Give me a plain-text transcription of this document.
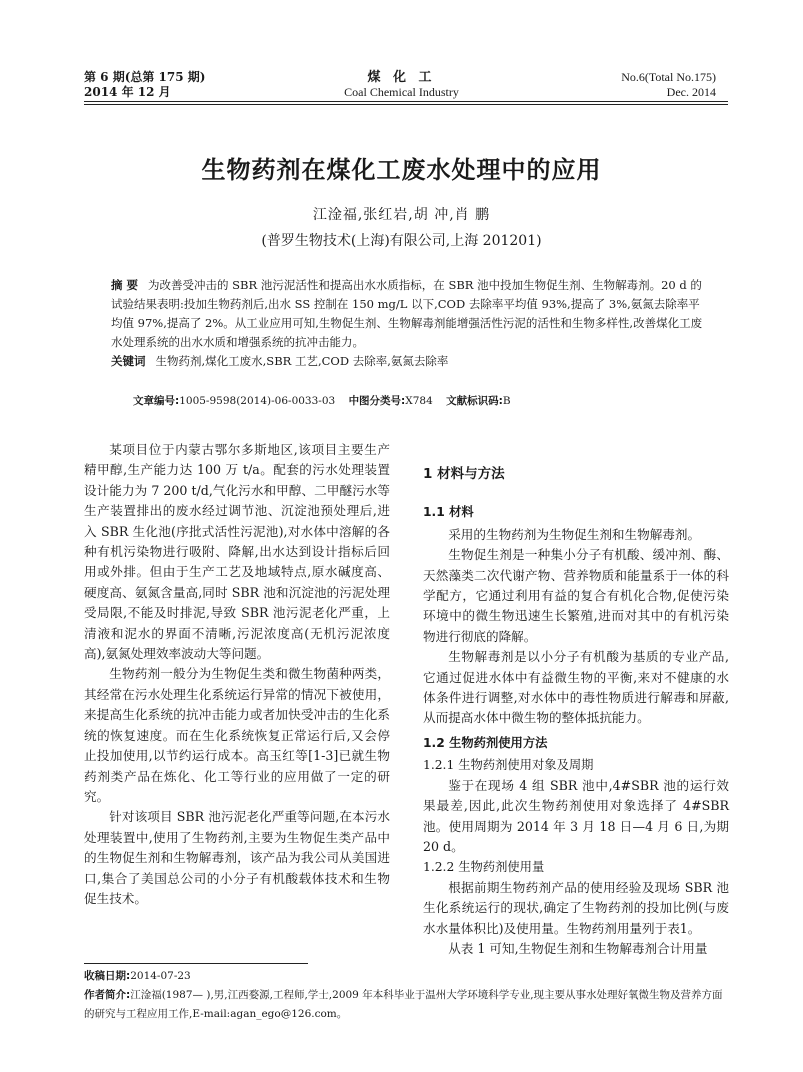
第 6 期(总第 175 期)
2014 年 12 月
煤 化 工
Coal Chemical Industry
No.6(Total No.175)
Dec. 2014
生物药剂在煤化工废水处理中的应用
江淦福,张红岩,胡 冲,肖 鹏
(普罗生物技术(上海)有限公司,上海 201201)

摘 要 为改善受冲击的 SBR 池污泥活性和提高出水水质指标，在 SBR 池中投加生物促生剂、生物解毒剂。20 d 的试验结果表明:投加生物药剂后,出水 SS 控制在 150 mg/L 以下,COD 去除率平均值 93%,提高了 3%,氨氮去除率平均值 97%,提高了 2%。从工业应用可知,生物促生剂、生物解毒剂能增强活性污泥的活性和生物多样性,改善煤化工废水处理系统的出水水质和增强系统的抗冲击能力。

关键词 生物药剂,煤化工废水,SBR 工艺,COD 去除率,氨氮去除率

文章编号:1005-9598(2014)-06-0033-03 中图分类号:X784 文献标识码:B

某项目位于内蒙古鄂尔多斯地区,该项目主要生产精甲醇,生产能力达 100 万 t/a。配套的污水处理装置设计能力为 7 200 t/d,气化污水和甲醇、二甲醚污水等生产装置排出的废水经过调节池、沉淀池预处理后,进入 SBR 生化池(序批式活性污泥池),对水体中溶解的各种有机污染物进行吸附、降解,出水达到设计指标后回用或外排。但由于生产工艺及地域特点,原水碱度高、硬度高、氨氮含量高,同时 SBR 池和沉淀池的污泥处理受局限,不能及时排泥,导致 SBR 池污泥老化严重，上清液和泥水的界面不清晰,污泥浓度高(无机污泥浓度高),氨氮处理效率波动大等问题。

生物药剂一般分为生物促生类和微生物菌种两类，其经常在污水处理生化系统运行异常的情况下被使用，来提高生化系统的抗冲击能力或者加快受冲击的生化系统的恢复速度。而在生化系统恢复正常运行后,又会停止投加使用,以节约运行成本。高玉红等[1-3]已就生物药剂类产品在炼化、化工等行业的应用做了一定的研究。

针对该项目 SBR 池污泥老化严重等问题,在本污水处理装置中,使用了生物药剂,主要为生物促生类产品中的生物促生剂和生物解毒剂，该产品为我公司从美国进口,集合了美国总公司的小分子有机酸载体技术和生物促生技术。

1 材料与方法
1.1 材料

采用的生物药剂为生物促生剂和生物解毒剂。

生物促生剂是一种集小分子有机酸、缓冲剂、酶、天然藻类二次代谢产物、营养物质和能量系于一体的科学配方，它通过利用有益的复合有机化合物,促使污染环境中的微生物迅速生长繁殖,进而对其中的有机污染物进行彻底的降解。

生物解毒剂是以小分子有机酸为基质的专业产品,它通过促进水体中有益微生物的平衡,来对不健康的水体条件进行调整,对水体中的毒性物质进行解毒和屏蔽,从而提高水体中微生物的整体抵抗能力。

1.2 生物药剂使用方法
1.2.1 生物药剂使用对象及周期

鉴于在现场 4 组 SBR 池中,4#SBR 池的运行效果最差,因此,此次生物药剂使用对象选择了 4#SBR 池。使用周期为 2014 年 3 月 18 日—4 月 6 日,为期 20 d。

1.2.2 生物药剂使用量

根据前期生物药剂产品的使用经验及现场 SBR 池生化系统运行的现状,确定了生物药剂的投加比例(与废水水量体积比)及使用量。生物药剂用量列于表1。

从表 1 可知,生物促生剂和生物解毒剂合计用量

收稿日期:2014-07-23
作者简介:江淦福(1987— ),男,江西婺源,工程师,学士,2009 年本科毕业于温州大学环境科学专业,现主要从事水处理好氧微生物及营养方面的研究与工程应用工作,E-mail:agan_ego@126.com。
